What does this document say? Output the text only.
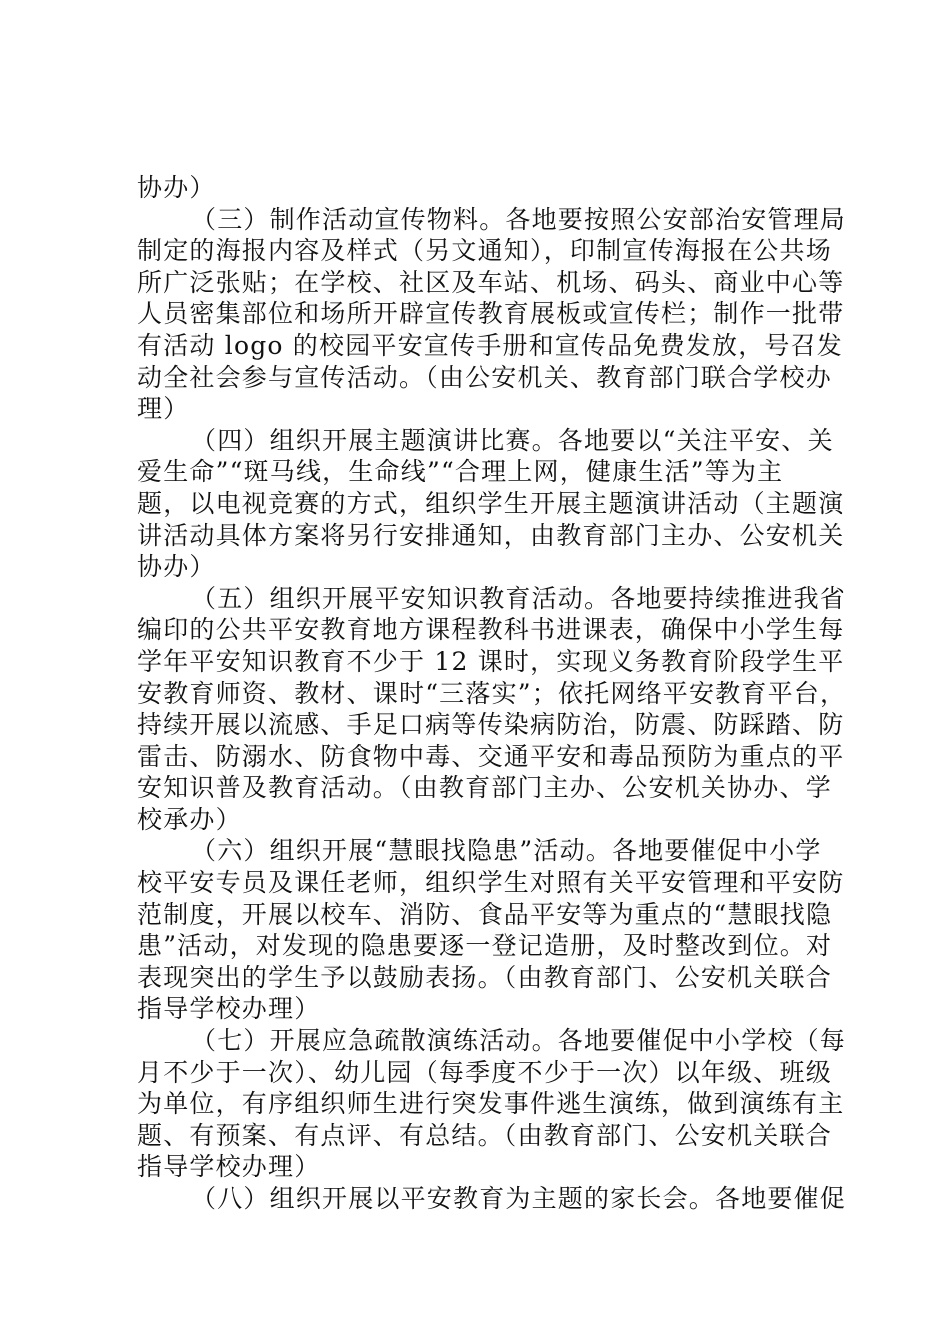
协办）
（三）制作活动宣传物料。各地要按照公安部治安管理局
制定的海报内容及样式（另文通知），印制宣传海报在公共场
所广泛张贴；在学校、社区及车站、机场、码头、商业中心等
人员密集部位和场所开辟宣传教育展板或宣传栏；制作一批带
有活动 logo 的校园平安宣传手册和宣传品免费发放，号召发
动全社会参与宣传活动。（由公安机关、教育部门联合学校办
理）
（四）组织开展主题演讲比赛。各地要以“关注平安、关
爱生命”“斑马线，生命线”“合理上网，健康生活”等为主
题，以电视竞赛的方式，组织学生开展主题演讲活动（主题演
讲活动具体方案将另行安排通知，由教育部门主办、公安机关
协办）
（五）组织开展平安知识教育活动。各地要持续推进我省
编印的公共平安教育地方课程教科书进课表，确保中小学生每
学年平安知识教育不少于 12 课时，实现义务教育阶段学生平
安教育师资、教材、课时“三落实”；依托网络平安教育平台，
持续开展以流感、手足口病等传染病防治，防震、防踩踏、防
雷击、防溺水、防食物中毒、交通平安和毒品预防为重点的平
安知识普及教育活动。（由教育部门主办、公安机关协办、学
校承办）
（六）组织开展“慧眼找隐患”活动。各地要催促中小学
校平安专员及课任老师，组织学生对照有关平安管理和平安防
范制度，开展以校车、消防、食品平安等为重点的“慧眼找隐
患”活动，对发现的隐患要逐一登记造册，及时整改到位。对
表现突出的学生予以鼓励表扬。（由教育部门、公安机关联合
指导学校办理）
（七）开展应急疏散演练活动。各地要催促中小学校（每
月不少于一次）、幼儿园（每季度不少于一次）以年级、班级
为单位，有序组织师生进行突发事件逃生演练，做到演练有主
题、有预案、有点评、有总结。（由教育部门、公安机关联合
指导学校办理）
（八）组织开展以平安教育为主题的家长会。各地要催促
